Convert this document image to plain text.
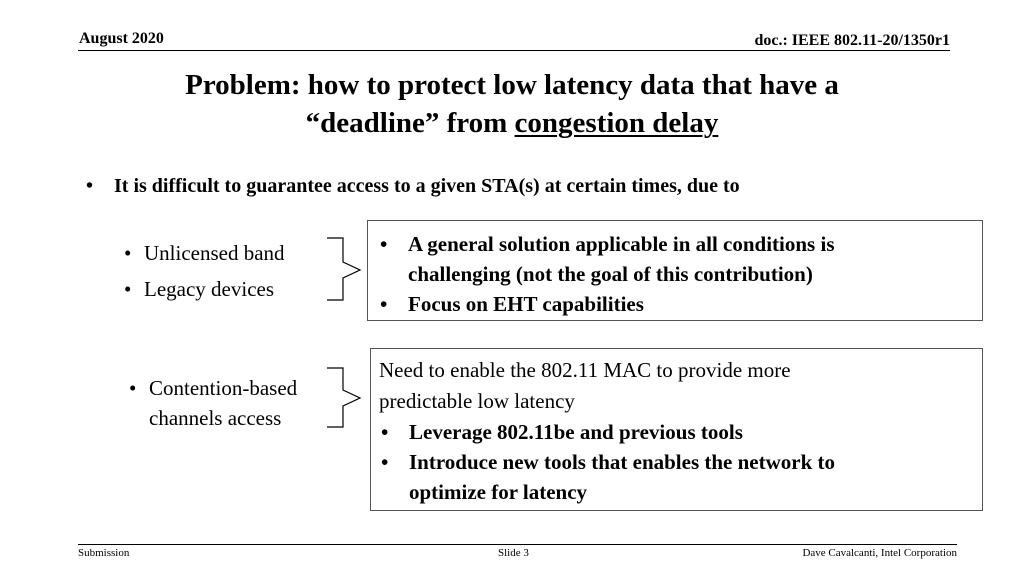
August 2020	doc.: IEEE 802.11-20/1350r1
Problem: how to protect low latency data that have a
“deadline” from congestion delay
• It is difficult to guarantee access to a given STA(s) at certain times, due to
• Unlicensed band
• Legacy devices
• Contention-based
channels access
• A general solution applicable in all conditions is
challenging (not the goal of this contribution)
• Focus on EHT capabilities
Need to enable the 802.11 MAC to provide more
predictable low latency
• Leverage 802.11be and previous tools
• Introduce new tools that enables the network to
optimize for latency
Submission	Slide 3	Dave Cavalcanti, Intel Corporation
